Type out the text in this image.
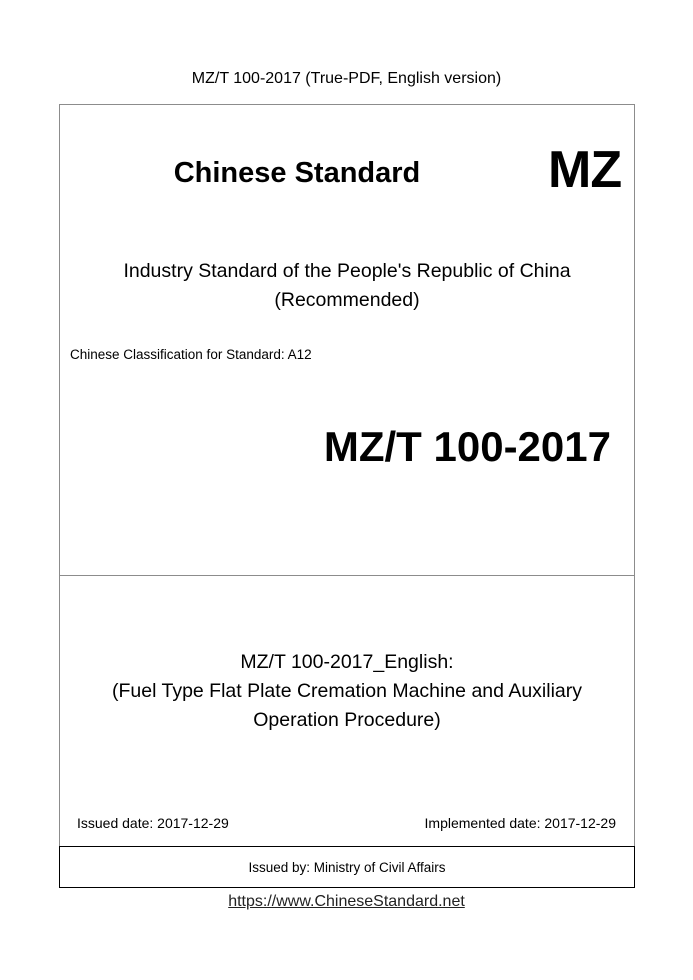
MZ/T 100-2017 (True-PDF, English version)
Chinese Standard	MZ
Industry Standard of the People's Republic of China
(Recommended)
Chinese Classification for Standard: A12
MZ/T 100-2017
MZ/T 100-2017_English:
(Fuel Type Flat Plate Cremation Machine and Auxiliary
Operation Procedure)
Issued date: 2017-12-29	Implemented date: 2017-12-29
Issued by: Ministry of Civil Affairs
https://www.ChineseStandard.net
